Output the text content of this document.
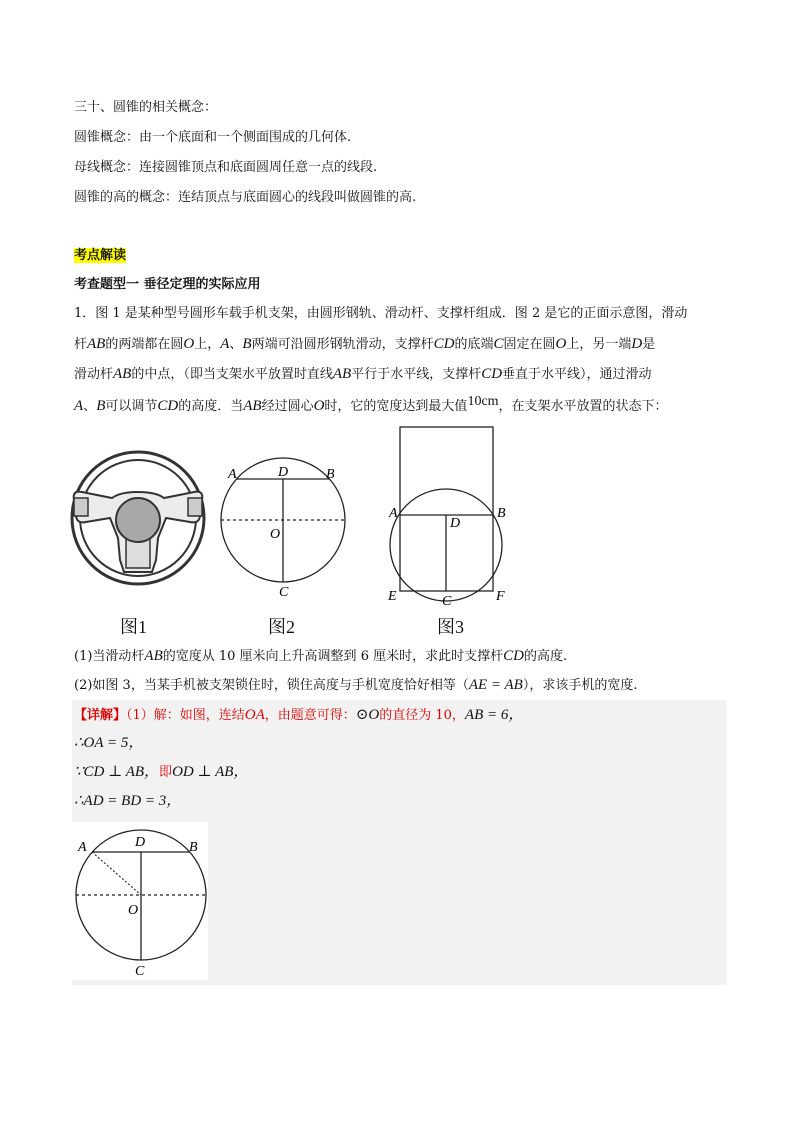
三十、圆锥的相关概念：
圆锥概念：由一个底面和一个侧面围成的几何体.
母线概念：连接圆锥顶点和底面圆周任意一点的线段.
圆锥的高的概念：连结顶点与底面圆心的线段叫做圆锥的高.
考点解读
考查题型一 垂径定理的实际应用
1．图 1 是某种型号圆形车载手机支架，由圆形钢轨、滑动杆、支撑杆组成．图 2 是它的正面示意图，滑动
杆AB的两端都在圆O上，A、B两端可沿圆形钢轨滑动，支撑杆CD的底端C固定在圆O上，另一端D是
滑动杆AB的中点，（即当支架水平放置时直线AB平行于水平线，支撑杆CD垂直于水平线），通过滑动
A、B可以调节CD的高度．当AB经过圆心O时，它的宽度达到最大值10cm，在支架水平放置的状态下：
A	D	B
O
C
A	B
D
E	C	F
图1	图2	图3
(1)当滑动杆AB的宽度从 10 厘米向上升高调整到 6 厘米时，求此时支撑杆CD的高度.
(2)如图 3，当某手机被支架锁住时，锁住高度与手机宽度恰好相等（AE = AB），求该手机的宽度.
【详解】（1）解：如图，连结OA，由题意可得：⊙O的直径为 10，AB = 6，
∴OA = 5，
∵CD ⊥ AB，即OD ⊥ AB，
∴AD = BD = 3，
A	D	B
O
C
